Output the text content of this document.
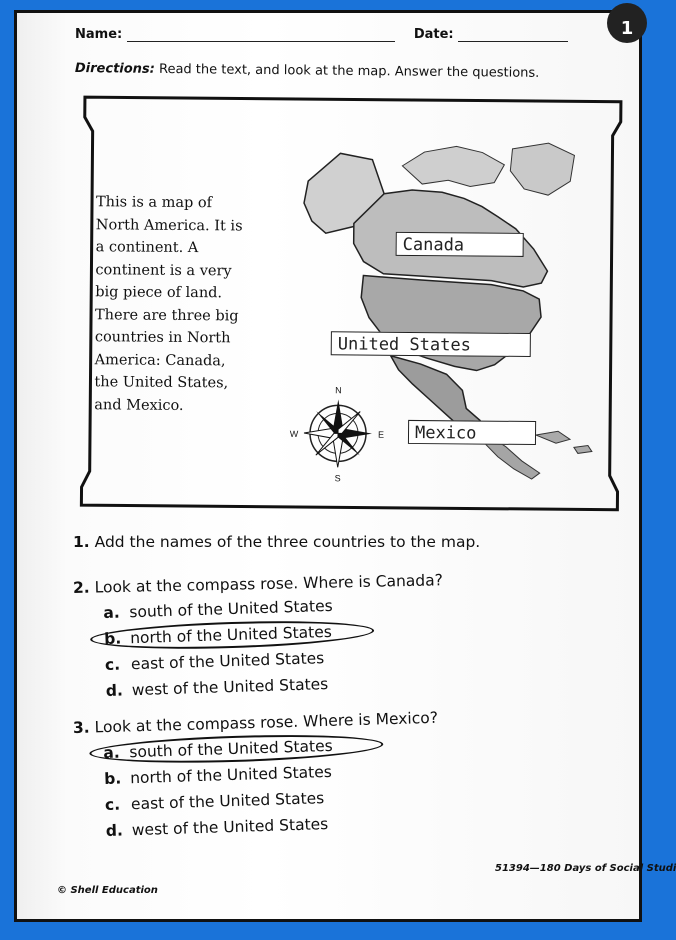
1
Name:	Date:
Directions: Read the text, and look at the map. Answer the questions.
N
S
E
W
This is a map of North America. It is a continent. A continent is a very big piece of land. There are three big countries in North America: Canada, the United States, and Mexico.
Canada
United States
Mexico
1. Add the names of the three countries to the map.
2. Look at the compass rose. Where is Canada?
a. south of the United States
b. north of the United States
c. east of the United States
d. west of the United States
3. Look at the compass rose. Where is Mexico?
a. south of the United States
b. north of the United States
c. east of the United States
d. west of the United States
© Shell Education
51394—180 Days of Social Studi
